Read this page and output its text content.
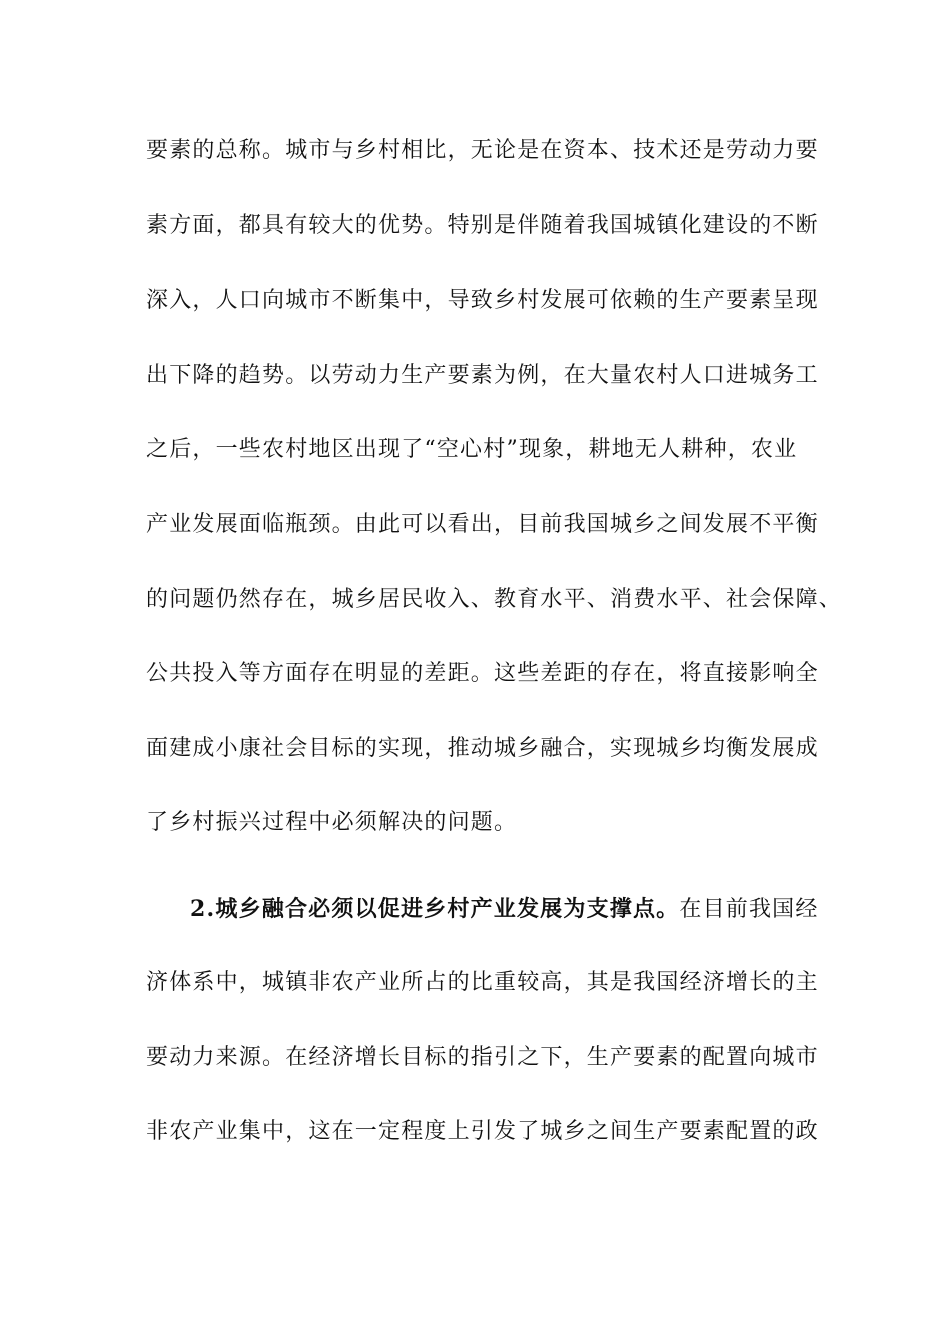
要素的总称。城市与乡村相比，无论是在资本、技术还是劳动力要
素方面，都具有较大的优势。特别是伴随着我国城镇化建设的不断
深入，人口向城市不断集中，导致乡村发展可依赖的生产要素呈现
出下降的趋势。以劳动力生产要素为例，在大量农村人口进城务工
之后，一些农村地区出现了“空心村”现象，耕地无人耕种，农业
产业发展面临瓶颈。由此可以看出，目前我国城乡之间发展不平衡
的问题仍然存在，城乡居民收入、教育水平、消费水平、社会保障、
公共投入等方面存在明显的差距。这些差距的存在，将直接影响全
面建成小康社会目标的实现，推动城乡融合，实现城乡均衡发展成
了乡村振兴过程中必须解决的问题。
2.城乡融合必须以促进乡村产业发展为支撑点。在目前我国经
济体系中，城镇非农产业所占的比重较高，其是我国经济增长的主
要动力来源。在经济增长目标的指引之下，生产要素的配置向城市
非农产业集中，这在一定程度上引发了城乡之间生产要素配置的政
